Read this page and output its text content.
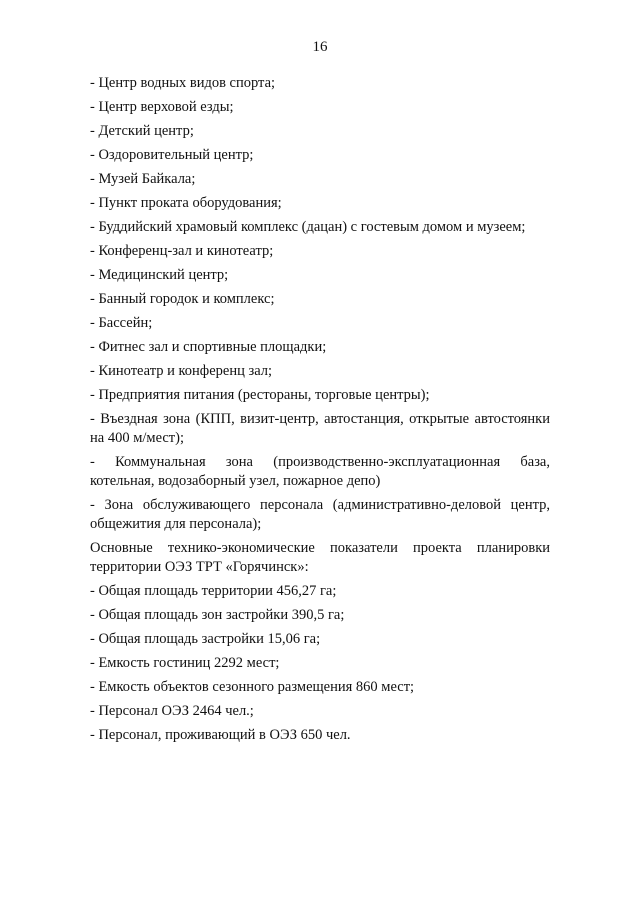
16

- Центр водных видов спорта;

- Центр верховой езды;

- Детский центр;

- Оздоровительный центр;

- Музей Байкала;

- Пункт проката оборудования;

- Буддийский храмовый комплекс (дацан) с гостевым домом и музеем;

- Конференц-зал и кинотеатр;

- Медицинский центр;

- Банный городок и комплекс;

- Бассейн;

- Фитнес зал и спортивные площадки;

- Кинотеатр и конференц зал;

- Предприятия питания (рестораны, торговые центры);

- Въездная зона (КПП, визит-центр, автостанция, открытые автостоянки на 400 м/мест);

- Коммунальная зона (производственно-эксплуатационная база, котельная, водозаборный узел, пожарное депо)

- Зона обслуживающего персонала (административно-деловой центр, общежития для персонала);

Основные технико-экономические показатели проекта планировки территории ОЭЗ ТРТ «Горячинск»:

- Общая площадь территории 456,27 га;

- Общая площадь зон застройки 390,5 га;

- Общая площадь застройки 15,06 га;

- Емкость гостиниц 2292 мест;

- Емкость объектов сезонного размещения 860 мест;

- Персонал ОЭЗ 2464 чел.;

- Персонал, проживающий в ОЭЗ 650 чел.
